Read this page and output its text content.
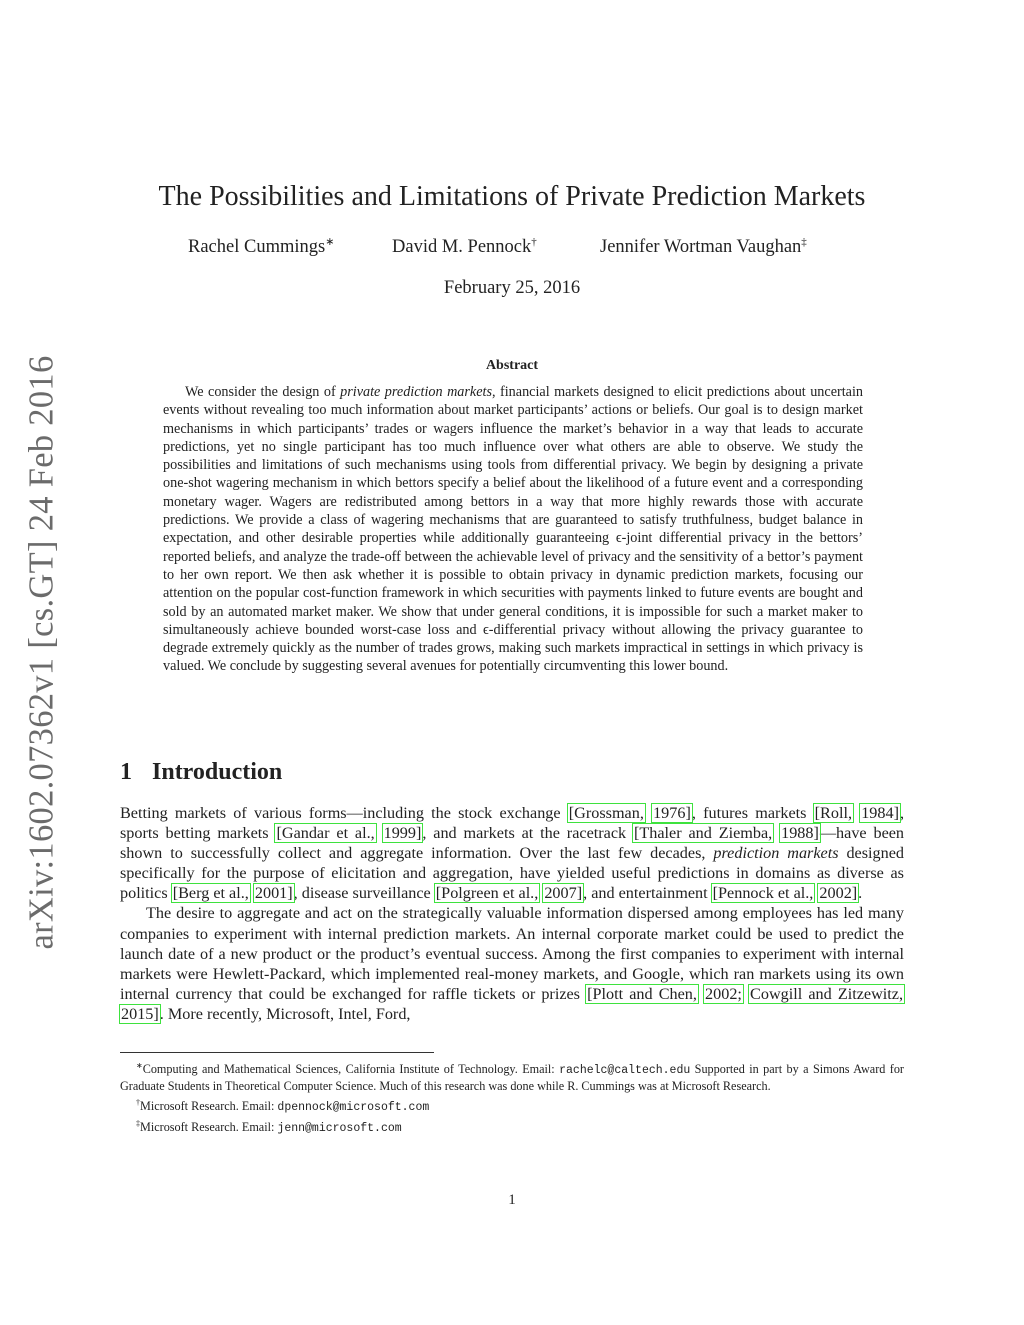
arXiv:1602.07362v1 [cs.GT] 24 Feb 2016
The Possibilities and Limitations of Private Prediction Markets
Rachel Cummings∗	David M. Pennock†	Jennifer Wortman Vaughan‡
February 25, 2016
Abstract

We consider the design of private prediction markets, financial markets designed to elicit predictions about uncertain events without revealing too much information about market participants’ actions or beliefs. Our goal is to design market mechanisms in which participants’ trades or wagers influence the market’s behavior in a way that leads to accurate predictions, yet no single participant has too much influence over what others are able to observe. We study the possibilities and limitations of such mechanisms using tools from differential privacy. We begin by designing a private one-shot wagering mechanism in which bettors specify a belief about the likelihood of a future event and a corresponding monetary wager. Wagers are redistributed among bettors in a way that more highly rewards those with accurate predictions. We provide a class of wagering mechanisms that are guaranteed to satisfy truthfulness, budget balance in expectation, and other desirable properties while additionally guaranteeing ϵ-joint differential privacy in the bettors’ reported beliefs, and analyze the trade-off between the achievable level of privacy and the sensitivity of a bettor’s payment to her own report. We then ask whether it is possible to obtain privacy in dynamic prediction markets, focusing our attention on the popular cost-function framework in which securities with payments linked to future events are bought and sold by an automated market maker. We show that under general conditions, it is impossible for such a market maker to simultaneously achieve bounded worst-case loss and ϵ-differential privacy without allowing the privacy guarantee to degrade extremely quickly as the number of trades grows, making such markets impractical in settings in which privacy is valued. We conclude by suggesting several avenues for potentially circumventing this lower bound.

1 Introduction

Betting markets of various forms—including the stock exchange [Grossman, 1976], futures markets [Roll, 1984], sports betting markets [Gandar et al., 1999], and markets at the racetrack [Thaler and Ziemba, 1988]—have been shown to successfully collect and aggregate information. Over the last few decades, prediction markets designed specifically for the purpose of elicitation and aggregation, have yielded useful predictions in domains as diverse as politics [Berg et al., 2001], disease surveillance [Polgreen et al., 2007], and entertainment [Pennock et al., 2002].

The desire to aggregate and act on the strategically valuable information dispersed among employees has led many companies to experiment with internal prediction markets. An internal corporate market could be used to predict the launch date of a new product or the product’s eventual success. Among the first companies to experiment with internal markets were Hewlett-Packard, which implemented real-money markets, and Google, which ran markets using its own internal currency that could be exchanged for raffle tickets or prizes [Plott and Chen, 2002; Cowgill and Zitzewitz, 2015]. More recently, Microsoft, Intel, Ford,

∗Computing and Mathematical Sciences, California Institute of Technology. Email: rachelc@caltech.edu Supported in part by a Simons Award for Graduate Students in Theoretical Computer Science. Much of this research was done while R. Cummings was at Microsoft Research.

†Microsoft Research. Email: dpennock@microsoft.com

‡Microsoft Research. Email: jenn@microsoft.com

1
